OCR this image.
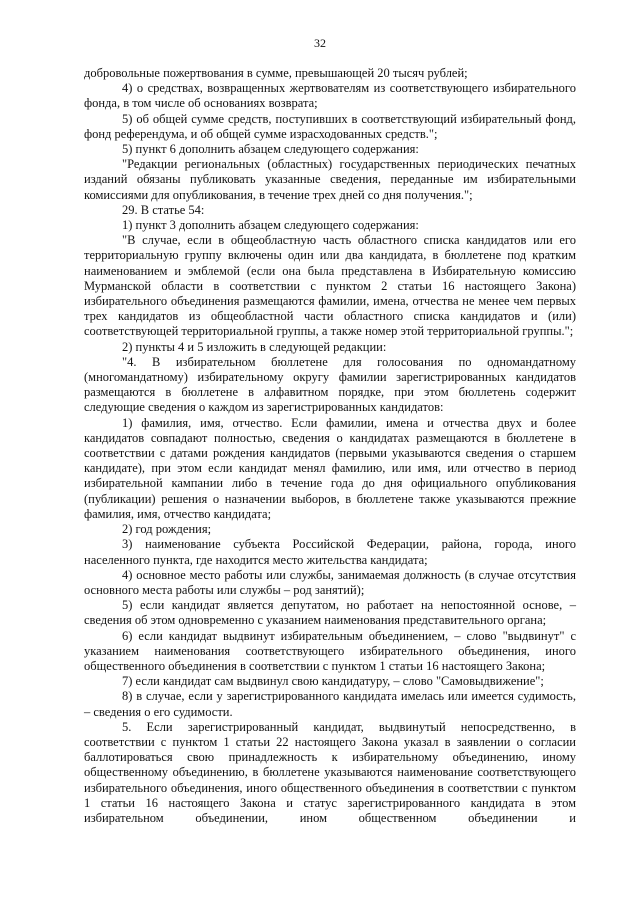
32

добровольные пожертвования в сумме, превышающей 20 тысяч рублей;

4) о средствах, возвращенных жертвователям из соответствующего избирательного фонда, в том числе об основаниях возврата;

5) об общей сумме средств, поступивших в соответствующий избирательный фонд, фонд референдума, и об общей сумме израсходованных средств.";

5) пункт 6 дополнить абзацем следующего содержания:

"Редакции региональных (областных) государственных периодических печатных изданий обязаны публиковать указанные сведения, переданные им избирательными комиссиями для опубликования, в течение трех дней со дня получения.";

29. В статье 54:

1) пункт 3 дополнить абзацем следующего содержания:

"В случае, если в общеобластную часть областного списка кандидатов или его территориальную группу включены один или два кандидата, в бюллетене под кратким наименованием и эмблемой (если она была представлена в Избирательную комиссию Мурманской области в соответствии с пунктом 2 статьи 16 настоящего Закона) избирательного объединения размещаются фамилии, имена, отчества не менее чем первых трех кандидатов из общеобластной части областного списка кандидатов и (или) соответствующей территориальной группы, а также номер этой территориальной группы.";

2) пункты 4 и 5 изложить в следующей редакции:

"4. В избирательном бюллетене для голосования по одномандатному (многомандатному) избирательному округу фамилии зарегистрированных кандидатов размещаются в бюллетене в алфавитном порядке, при этом бюллетень содержит следующие сведения о каждом из зарегистрированных кандидатов:

1) фамилия, имя, отчество. Если фамилии, имена и отчества двух и более кандидатов совпадают полностью, сведения о кандидатах размещаются в бюллетене в соответствии с датами рождения кандидатов (первыми указываются сведения о старшем кандидате), при этом если кандидат менял фамилию, или имя, или отчество в период избирательной кампании либо в течение года до дня официального опубликования (публикации) решения о назначении выборов, в бюллетене также указываются прежние фамилия, имя, отчество кандидата;

2) год рождения;

3) наименование субъекта Российской Федерации, района, города, иного населенного пункта, где находится место жительства кандидата;

4) основное место работы или службы, занимаемая должность (в случае отсутствия основного места работы или службы – род занятий);

5) если кандидат является депутатом, но работает на непостоянной основе, – сведения об этом одновременно с указанием наименования представительного органа;

6) если кандидат выдвинут избирательным объединением, – слово "выдвинут" с указанием наименования соответствующего избирательного объединения, иного общественного объединения в соответствии с пунктом 1 статьи 16 настоящего Закона;

7) если кандидат сам выдвинул свою кандидатуру, – слово "Самовыдвижение";

8) в случае, если у зарегистрированного кандидата имелась или имеется судимость, – сведения о его судимости.

5. Если зарегистрированный кандидат, выдвинутый непосредственно, в соответствии с пунктом 1 статьи 22 настоящего Закона указал в заявлении о согласии баллотироваться свою принадлежность к избирательному объединению, иному общественному объединению, в бюллетене указываются наименование соответствующего избирательного объединения, иного общественного объединения в соответствии с пунктом 1 статьи 16 настоящего Закона и статус зарегистрированного кандидата в этом избирательном объединении, ином общественном объединении и
